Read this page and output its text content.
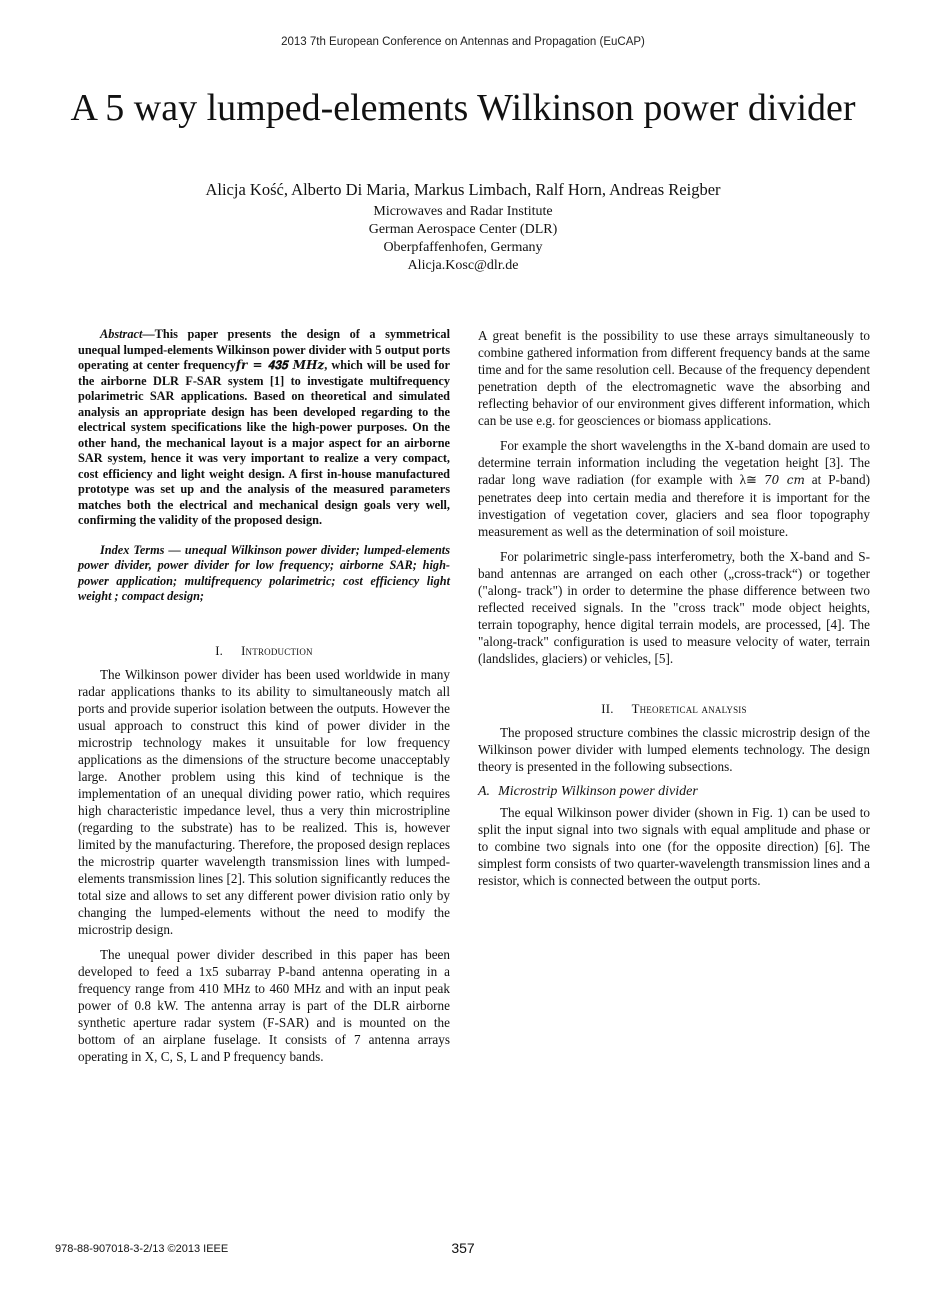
2013 7th European Conference on Antennas and Propagation (EuCAP)
A 5 way lumped-elements Wilkinson power divider
Alicja Kość, Alberto Di Maria, Markus Limbach, Ralf Horn, Andreas Reigber
Microwaves and Radar Institute
German Aerospace Center (DLR)
Oberpfaffenhofen, Germany
Alicja.Kosc@dlr.de

Abstract—This paper presents the design of a symmetrical unequal lumped-elements Wilkinson power divider with 5 output ports operating at center frequency𝒇𝒓 = 𝟒𝟑𝟓 𝑴𝑯𝒛, which will be used for the airborne DLR F-SAR system [1] to investigate multifrequency polarimetric SAR applications. Based on theoretical and simulated analysis an appropriate design has been developed regarding to the electrical system specifications like the high-power purposes. On the other hand, the mechanical layout is a major aspect for an airborne SAR system, hence it was very important to realize a very compact, cost efficiency and light weight design. A first in-house manufactured prototype was set up and the analysis of the measured parameters matches both the electrical and mechanical design goals very well, confirming the validity of the proposed design.

Index Terms — unequal Wilkinson power divider; lumped-elements power divider, power divider for low frequency; airborne SAR; high-power application; multifrequency polarimetric; cost efficiency light weight ; compact design;

I. Introduction

The Wilkinson power divider has been used worldwide in many radar applications thanks to its ability to simultaneously match all ports and provide superior isolation between the outputs. However the usual approach to construct this kind of power divider in the microstrip technology makes it unsuitable for low frequency applications as the dimensions of the structure become unacceptably large. Another problem using this kind of technique is the implementation of an unequal dividing power ratio, which requires high characteristic impedance level, thus a very thin microstripline (regarding to the substrate) has to be realized. This is, however limited by the manufacturing. Therefore, the proposed design replaces the microstrip quarter wavelength transmission lines with lumped-elements transmission lines [2]. This solution significantly reduces the total size and allows to set any different power division ratio only by changing the lumped-elements without the need to modify the microstrip design.

The unequal power divider described in this paper has been developed to feed a 1x5 subarray P-band antenna operating in a frequency range from 410 MHz to 460 MHz and with an input peak power of 0.8 kW. The antenna array is part of the DLR airborne synthetic aperture radar system (F-SAR) and is mounted on the bottom of an airplane fuselage. It consists of 7 antenna arrays operating in X, C, S, L and P frequency bands.

A great benefit is the possibility to use these arrays simultaneously to combine gathered information from different frequency bands at the same time and for the same resolution cell. Because of the frequency dependent penetration depth of the electromagnetic wave the absorbing and reflecting behavior of our environment gives different information, which can be use e.g. for geosciences or biomass applications.

For example the short wavelengths in the X-band domain are used to determine terrain information including the vegetation height [3]. The radar long wave radiation (for example with λ≅ 70 𝑐𝑚 at P-band) penetrates deep into certain media and therefore it is important for the investigation of vegetation cover, glaciers and sea floor topography measurement as well as the determination of soil moisture.

For polarimetric single-pass interferometry, both the X-band and S-band antennas are arranged on each other („cross-track“) or together ("along- track") in order to determine the phase difference between two reflected received signals. In the "cross track" mode object heights, terrain topography, hence digital terrain models, are processed, [4]. The "along-track" configuration is used to measure velocity of water, terrain (landslides, glaciers) or vehicles, [5].

II. Theoretical analysis

The proposed structure combines the classic microstrip design of the Wilkinson power divider with lumped elements technology. The design theory is presented in the following subsections.

A. Microstrip Wilkinson power divider

The equal Wilkinson power divider (shown in Fig. 1) can be used to split the input signal into two signals with equal amplitude and phase or to combine two signals into one (for the opposite direction) [6]. The simplest form consists of two quarter-wavelength transmission lines and a resistor, which is connected between the output ports.

978-88-907018-3-2/13 ©2013 IEEE	357
